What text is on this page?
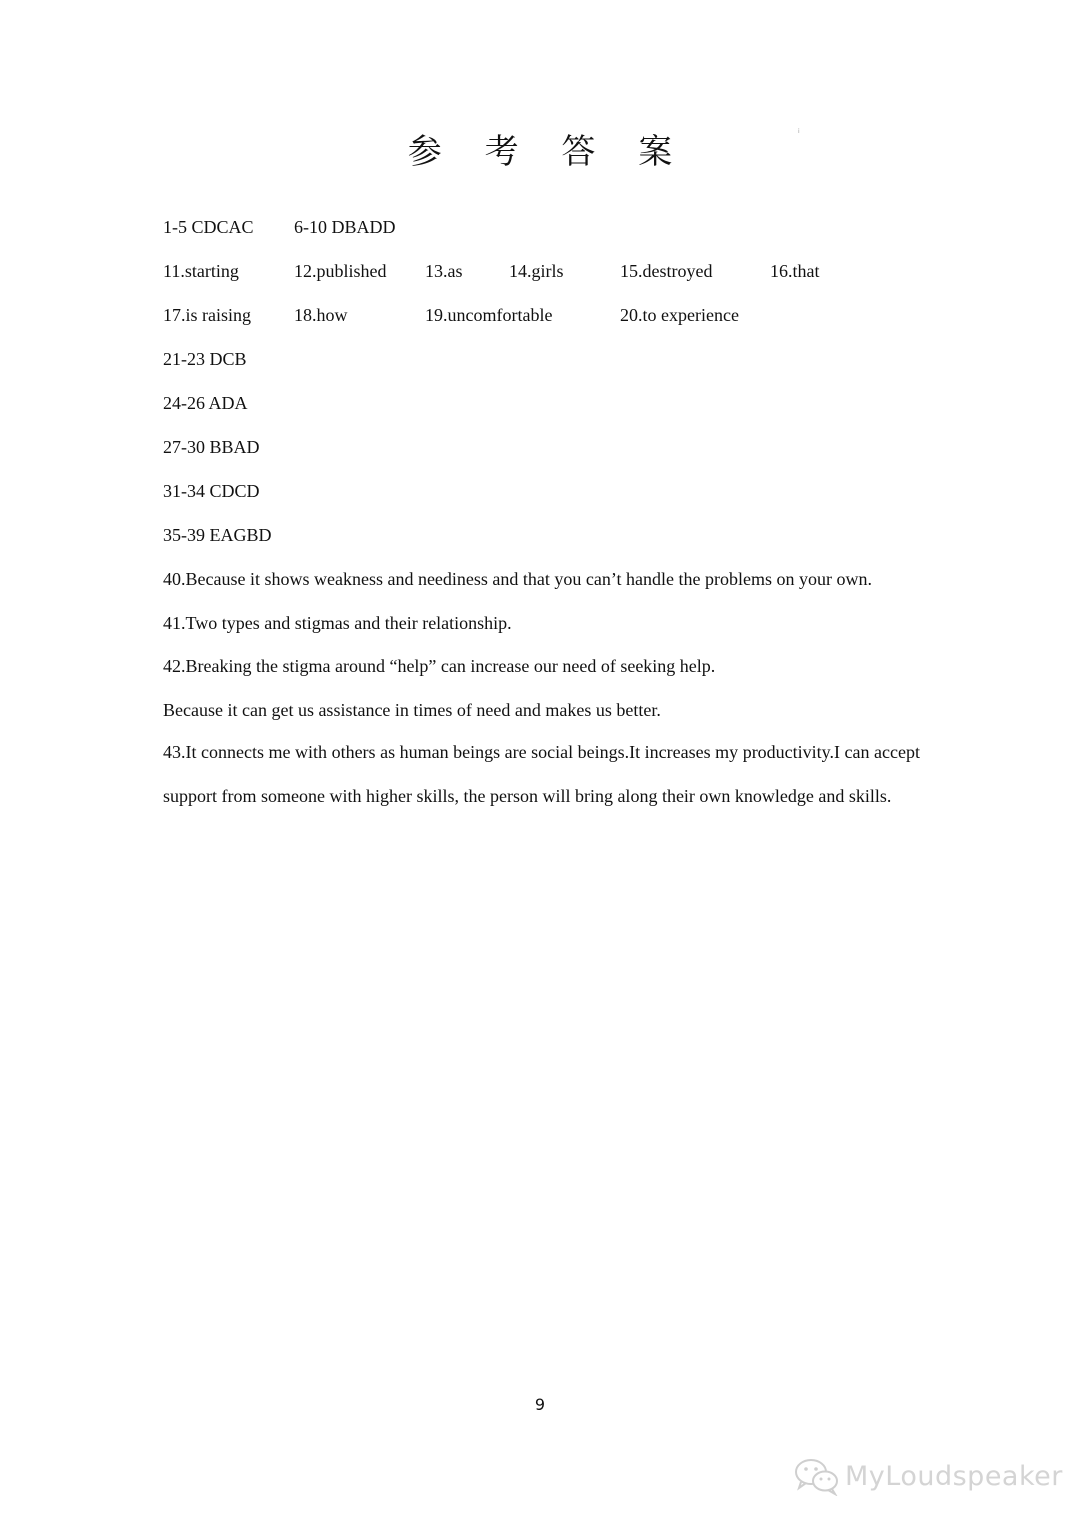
参 考 答 案
i
1-5 CDCAC 6-10 DBADD
11.starting	12.published 13.as	14.girls	15.destroyed	16.that
17.is raising 18.how	19.uncomfortable	20.to experience
21-23 DCB
24-26 ADA
27-30 BBAD
31-34 CDCD
35-39 EAGBD
40.Because it shows weakness and neediness and that you can’t handle the problems on your own.
41.Two types and stigmas and their relationship.
42.Breaking the stigma around “help” can increase our need of seeking help.
Because it can get us assistance in times of need and makes us better.
43.It connects me with others as human beings are social beings.It increases my productivity.I can accept support from someone with higher skills, the person will bring along their own knowledge and skills.
9
MyLoudspeaker
